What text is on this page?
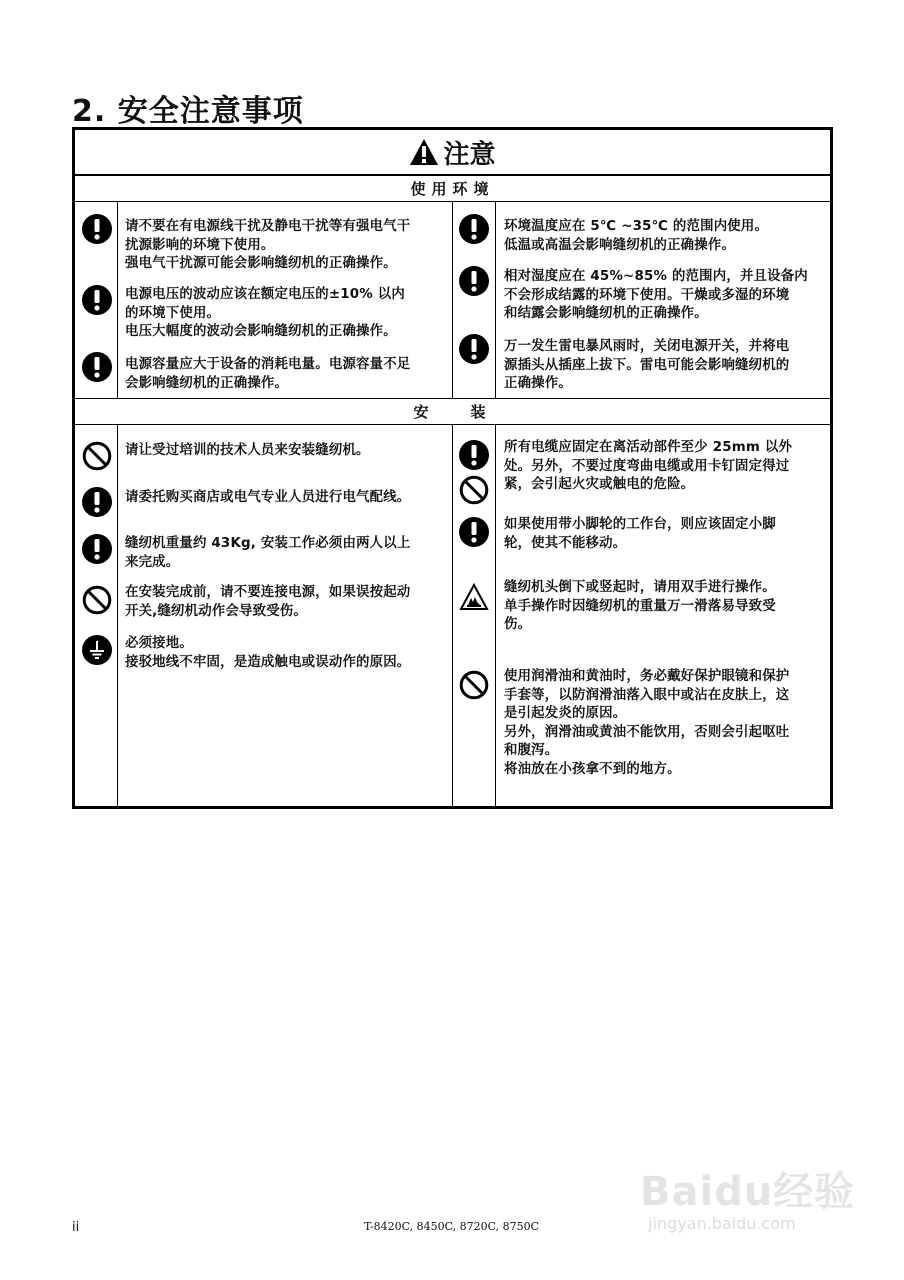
2. 安全注意事项
注意
使用环境
安 装
请不要在有电源线干扰及静电干扰等有强电气干
扰源影响的环境下使用。
强电气干扰源可能会影响缝纫机的正确操作。
电源电压的波动应该在额定电压的±10% 以内
的环境下使用。
电压大幅度的波动会影响缝纫机的正确操作。
电源容量应大于设备的消耗电量。电源容量不足
会影响缝纫机的正确操作。
环境温度应在 5℃ ~35℃ 的范围内使用。
低温或高温会影响缝纫机的正确操作。
相对湿度应在 45%~85% 的范围内，并且设备内
不会形成结露的环境下使用。干燥或多湿的环境
和结露会影响缝纫机的正确操作。
万一发生雷电暴风雨时，关闭电源开关，并将电
源插头从插座上拔下。雷电可能会影响缝纫机的
正确操作。
请让受过培训的技术人员来安装缝纫机。
请委托购买商店或电气专业人员进行电气配线。
缝纫机重量约 43Kg, 安装工作必须由两人以上
来完成。
在安装完成前，请不要连接电源，如果误按起动
开关,缝纫机动作会导致受伤。
必须接地。
接驳地线不牢固，是造成触电或误动作的原因。
所有电缆应固定在离活动部件至少 25mm 以外
处。另外，不要过度弯曲电缆或用卡钉固定得过
紧，会引起火灾或触电的危险。
如果使用带小脚轮的工作台，则应该固定小脚
轮，使其不能移动。
缝纫机头倒下或竖起时，请用双手进行操作。
单手操作时因缝纫机的重量万一滑落易导致受
伤。
使用润滑油和黄油时，务必戴好保护眼镜和保护
手套等，以防润滑油落入眼中或沾在皮肤上，这
是引起发炎的原因。
另外，润滑油或黄油不能饮用，否则会引起呕吐
和腹泻。
将油放在小孩拿不到的地方。
Baidu经验
jingyan.baidu.com
ii	T-8420C, 8450C, 8720C, 8750C
